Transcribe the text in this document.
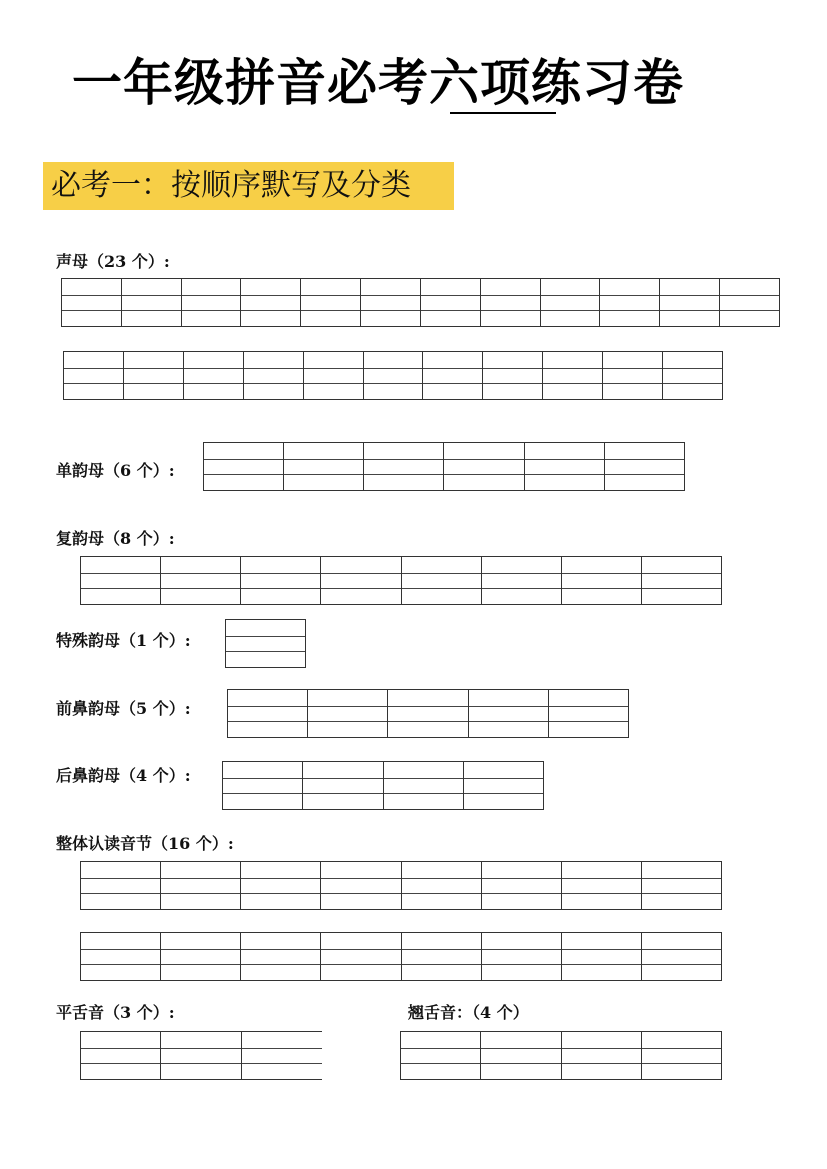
一年级拼音必考六项练习卷
必考一：按顺序默写及分类
声母（23 个）:
单韵母（6 个）:
复韵母（8 个）:
特殊韵母（1 个）:
前鼻韵母（5 个）:
后鼻韵母（4 个）:
整体认读音节（16 个）:
平舌音（3 个）:	翘舌音：（4 个）
